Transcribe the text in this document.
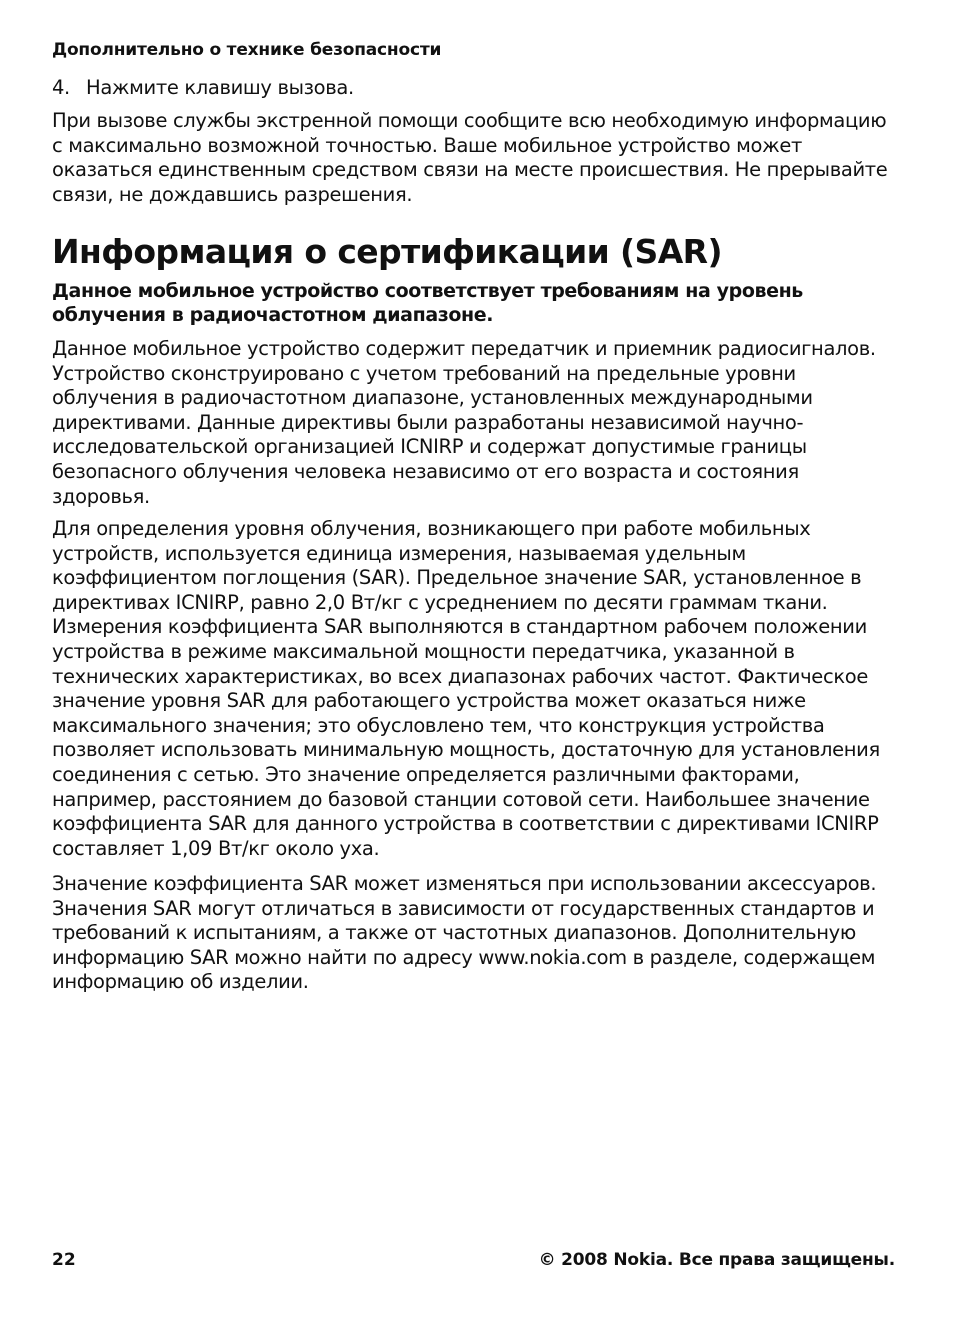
Дополнительно о технике безопасности
4. Нажмите клавишу вызова.

При вызове службы экстренной помощи сообщите всю необходимую информацию с максимально возможной точностью. Ваше мобильное устройство может оказаться единственным средством связи на месте происшествия. Не прерывайте связи, не дождавшись разрешения.

Информация о сертификации (SAR)

Данное мобильное устройство соответствует требованиям на уровень облучения в радиочастотном диапазоне.

Данное мобильное устройство содержит передатчик и приемник радиосигналов. Устройство сконструировано с учетом требований на предельные уровни облучения в радиочастотном диапазоне, установленных международными директивами. Данные директивы были разработаны независимой научно-исследовательской организацией ICNIRP и содержат допустимые границы безопасного облучения человека независимо от его возраста и состояния здоровья.

Для определения уровня облучения, возникающего при работе мобильных устройств, используется единица измерения, называемая удельным коэффициентом поглощения (SAR). Предельное значение SAR, установленное в директивах ICNIRP, равно 2,0 Вт/кг с усреднением по десяти граммам ткани. Измерения коэффициента SAR выполняются в стандартном рабочем положении устройства в режиме максимальной мощности передатчика, указанной в технических характеристиках, во всех диапазонах рабочих частот. Фактическое значение уровня SAR для работающего устройства может оказаться ниже максимального значения; это обусловлено тем, что конструкция устройства позволяет использовать минимальную мощность, достаточную для установления соединения с сетью. Это значение определяется различными факторами, например, расстоянием до базовой станции сотовой сети. Наибольшее значение коэффициента SAR для данного устройства в соответствии с директивами ICNIRP составляет 1,09 Вт/кг около уха.

Значение коэффициента SAR может изменяться при использовании аксессуаров. Значения SAR могут отличаться в зависимости от государственных стандартов и требований к испытаниям, а также от частотных диапазонов. Дополнительную информацию SAR можно найти по адресу www.nokia.com в разделе, содержащем информацию об изделии.

22	© 2008 Nokia. Все права защищены.
